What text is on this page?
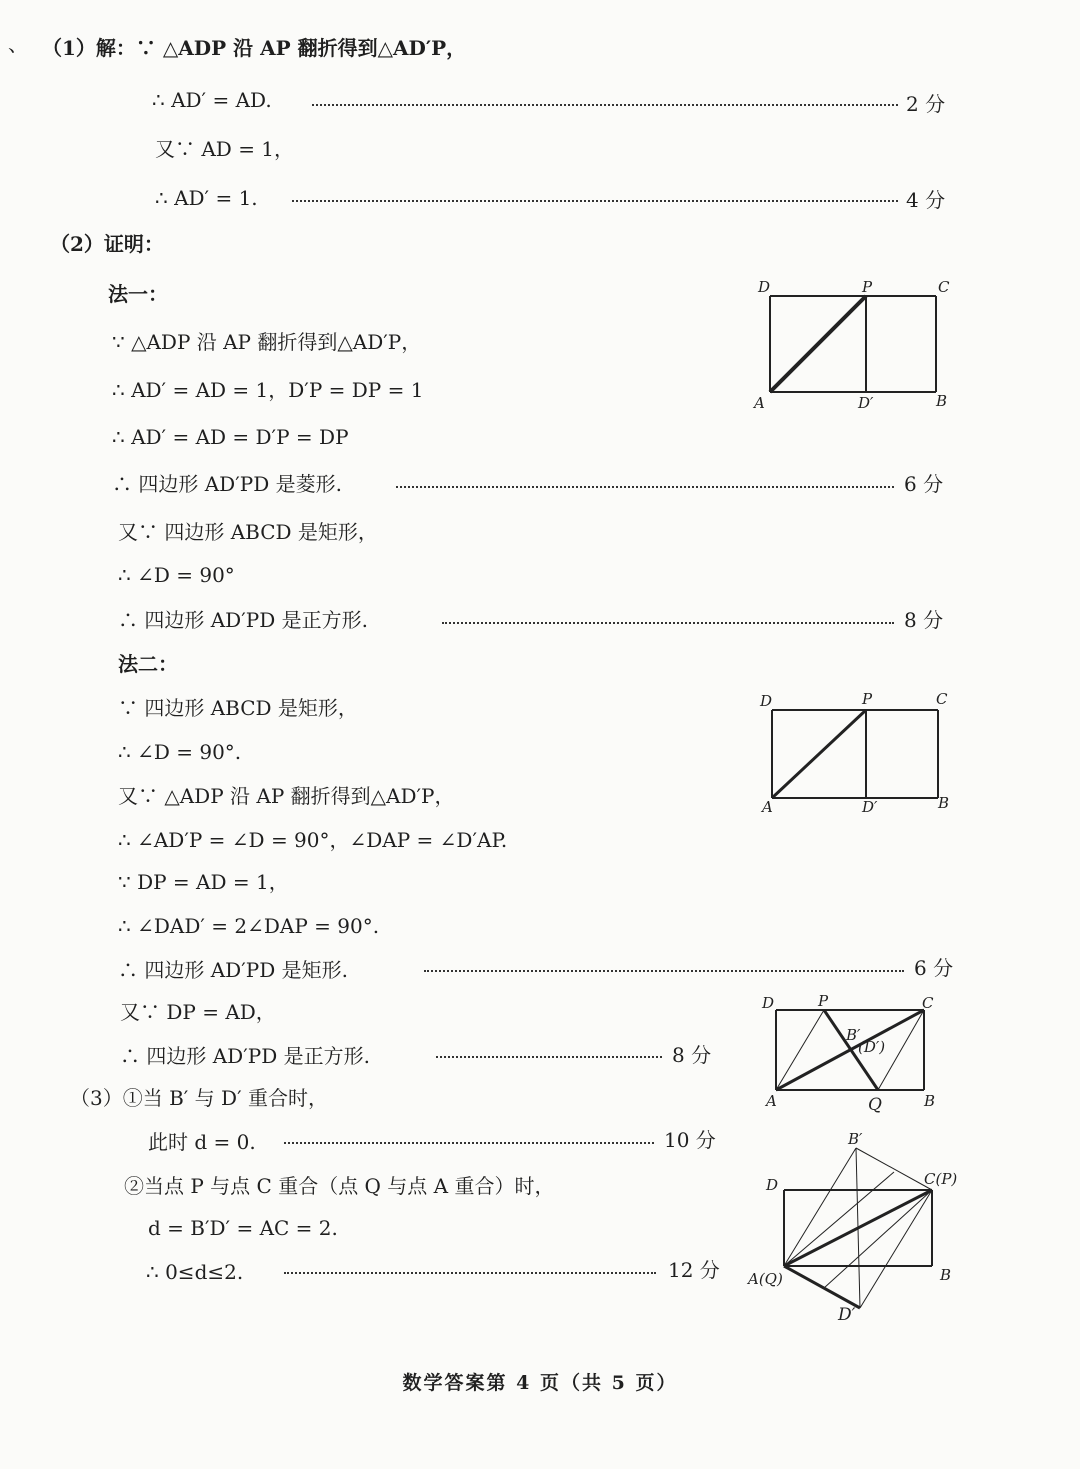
、 （1）解：∵ △ADP 沿 AP 翻折得到△AD′P，
∴ AD′ = AD.	2 分
又∵ AD = 1，
∴ AD′ = 1.	4 分
（2）证明：
法一：
∵ △ADP 沿 AP 翻折得到△AD′P，
∴ AD′ = AD = 1，D′P = DP = 1
∴ AD′ = AD = D′P = DP
∴ 四边形 AD′PD 是菱形.	6 分
又∵ 四边形 ABCD 是矩形，
∴ ∠D = 90°
∴ 四边形 AD′PD 是正方形.	8 分
法二：
∵ 四边形 ABCD 是矩形，
∴ ∠D = 90°.
又∵ △ADP 沿 AP 翻折得到△AD′P，
∴ ∠AD′P = ∠D = 90°，∠DAP = ∠D′AP.
∵ DP = AD = 1，
∴ ∠DAD′ = 2∠DAP = 90°.
∴ 四边形 AD′PD 是矩形.	6 分
又∵ DP = AD，
∴ 四边形 AD′PD 是正方形.	8 分
（3）①当 B′ 与 D′ 重合时，
此时 d = 0.	10 分
②当点 P 与点 C 重合（点 Q 与点 A 重合）时，
d = B′D′ = AC = 2.
∴ 0≤d≤2.	12 分
D	P	C
A	D′	B
D	P	C
A	D′	B
D	P	C
B′
(D′)
A	Q	B
B′
D	C(P)
A(Q)	B
D′
数学答案第 4 页（共 5 页）
